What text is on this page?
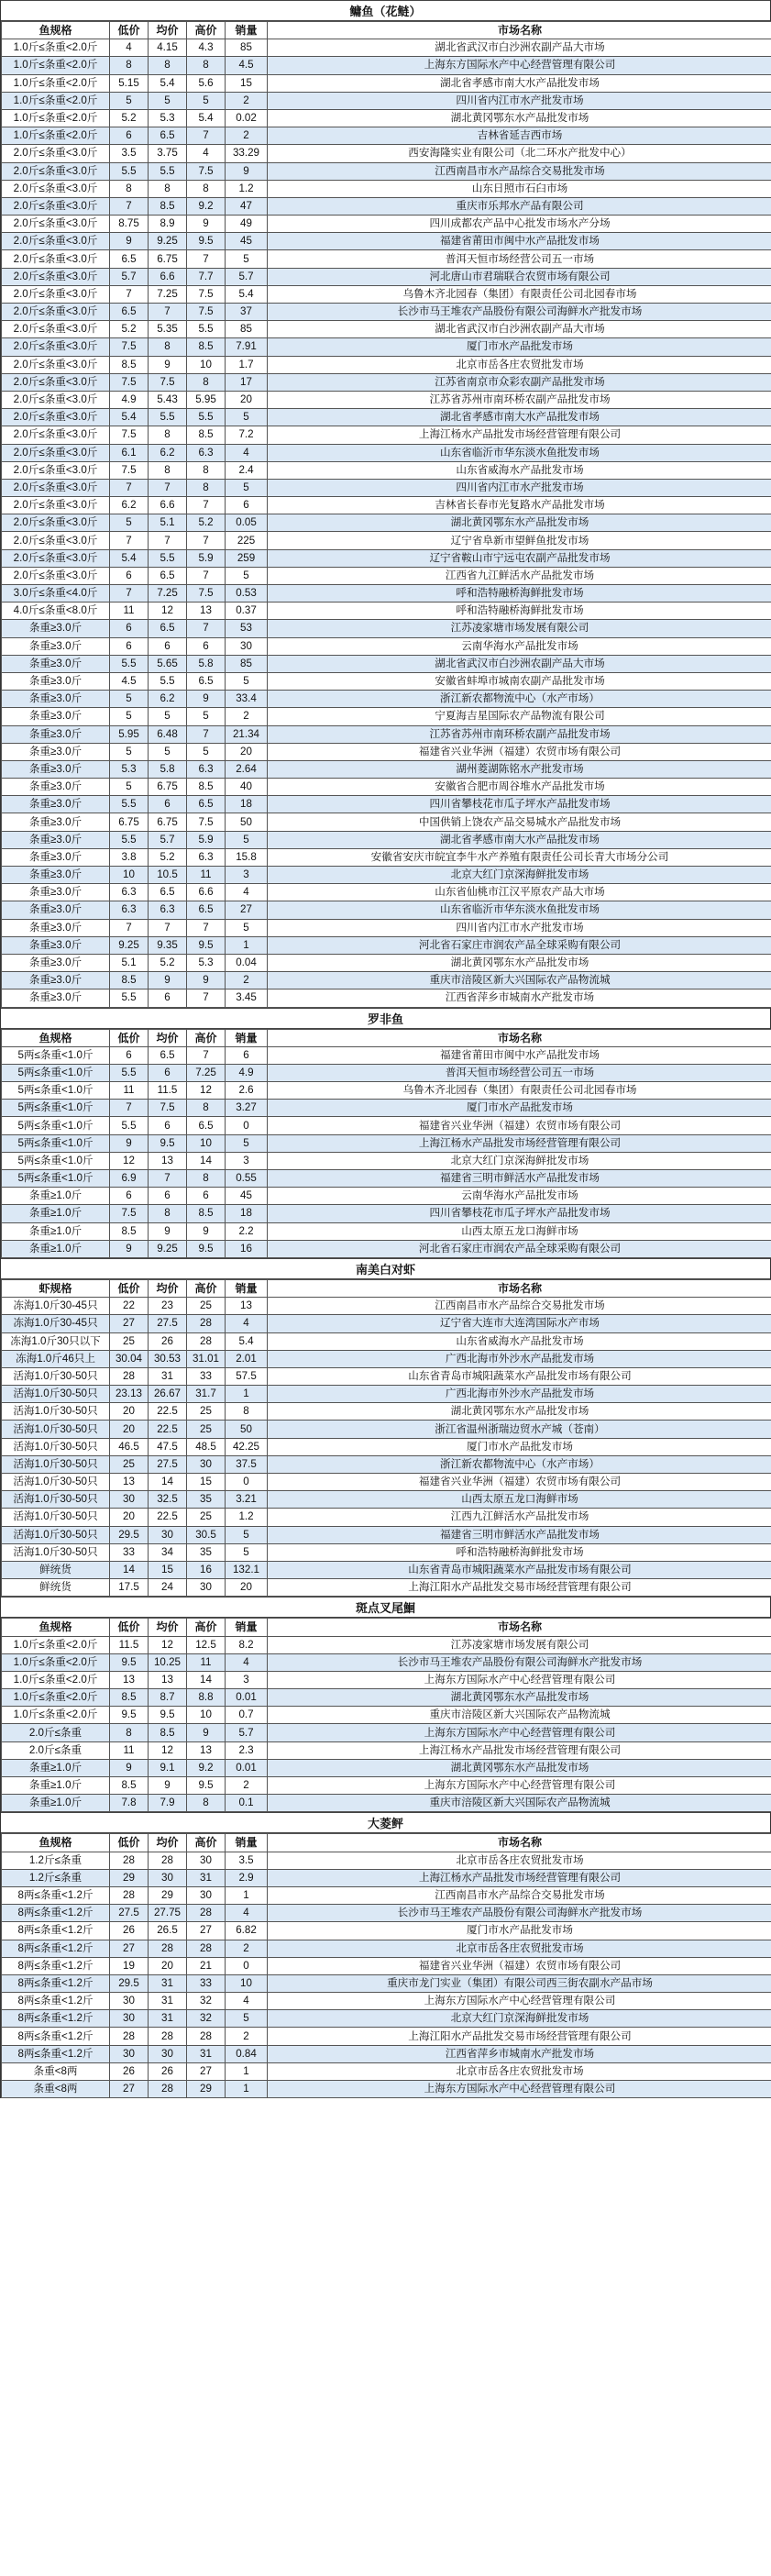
鳙鱼（花鲢）
鱼规格	低价	均价	高价	销量	市场名称
1.0斤≤条重<2.0斤	4	4.15	4.3	85	湖北省武汉市白沙洲农副产品大市场
1.0斤≤条重<2.0斤	8	8	8	4.5	上海东方国际水产中心经营管理有限公司
1.0斤≤条重<2.0斤	5.15	5.4	5.6	15	湖北省孝感市南大水产品批发市场
1.0斤≤条重<2.0斤	5	5	5	2	四川省内江市水产批发市场
1.0斤≤条重<2.0斤	5.2	5.3	5.4	0.02	湖北黄冈鄂东水产品批发市场
1.0斤≤条重<2.0斤	6	6.5	7	2	吉林省延吉西市场
2.0斤≤条重<3.0斤	3.5	3.75	4	33.29	西安海隆实业有限公司（北二环水产批发中心）
2.0斤≤条重<3.0斤	5.5	5.5	7.5	9	江西南昌市水产品综合交易批发市场
2.0斤≤条重<3.0斤	8	8	8	1.2	山东日照市石臼市场
2.0斤≤条重<3.0斤	7	8.5	9.2	47	重庆市乐邦水产品有限公司
2.0斤≤条重<3.0斤	8.75	8.9	9	49	四川成都农产品中心批发市场水产分场
2.0斤≤条重<3.0斤	9	9.25	9.5	45	福建省莆田市闽中水产品批发市场
2.0斤≤条重<3.0斤	6.5	6.75	7	5	普洱天恒市场经营公司五一市场
2.0斤≤条重<3.0斤	5.7	6.6	7.7	5.7	河北唐山市君瑞联合农贸市场有限公司
2.0斤≤条重<3.0斤	7	7.25	7.5	5.4	乌鲁木齐北园春（集团）有限责任公司北园春市场
2.0斤≤条重<3.0斤	6.5	7	7.5	37	长沙市马王堆农产品股份有限公司海鲜水产批发市场
2.0斤≤条重<3.0斤	5.2	5.35	5.5	85	湖北省武汉市白沙洲农副产品大市场
2.0斤≤条重<3.0斤	7.5	8	8.5	7.91	厦门市水产品批发市场
2.0斤≤条重<3.0斤	8.5	9	10	1.7	北京市岳各庄农贸批发市场
2.0斤≤条重<3.0斤	7.5	7.5	8	17	江苏省南京市众彩农副产品批发市场
2.0斤≤条重<3.0斤	4.9	5.43	5.95	20	江苏省苏州市南环桥农副产品批发市场
2.0斤≤条重<3.0斤	5.4	5.5	5.5	5	湖北省孝感市南大水产品批发市场
2.0斤≤条重<3.0斤	7.5	8	8.5	7.2	上海江杨水产品批发市场经营管理有限公司
2.0斤≤条重<3.0斤	6.1	6.2	6.3	4	山东省临沂市华东淡水鱼批发市场
2.0斤≤条重<3.0斤	7.5	8	8	2.4	山东省威海水产品批发市场
2.0斤≤条重<3.0斤	7	7	8	5	四川省内江市水产批发市场
2.0斤≤条重<3.0斤	6.2	6.6	7	6	吉林省长春市光复路水产品批发市场
2.0斤≤条重<3.0斤	5	5.1	5.2	0.05	湖北黄冈鄂东水产品批发市场
2.0斤≤条重<3.0斤	7	7	7	225	辽宁省阜新市望鲜鱼批发市场
2.0斤≤条重<3.0斤	5.4	5.5	5.9	259	辽宁省鞍山市宁远屯农副产品批发市场
2.0斤≤条重<3.0斤	6	6.5	7	5	江西省九江鲜活水产品批发市场
3.0斤≤条重<4.0斤	7	7.25	7.5	0.53	呼和浩特融桥海鲜批发市场
4.0斤≤条重<8.0斤	11	12	13	0.37	呼和浩特融桥海鲜批发市场
条重≥3.0斤	6	6.5	7	53	江苏凌家塘市场发展有限公司
条重≥3.0斤	6	6	6	30	云南华海水产品批发市场
条重≥3.0斤	5.5	5.65	5.8	85	湖北省武汉市白沙洲农副产品大市场
条重≥3.0斤	4.5	5.5	6.5	5	安徽省蚌埠市城南农副产品批发市场
条重≥3.0斤	5	6.2	9	33.4	浙江新农都物流中心（水产市场）
条重≥3.0斤	5	5	5	2	宁夏海吉星国际农产品物流有限公司
条重≥3.0斤	5.95	6.48	7	21.34	江苏省苏州市南环桥农副产品批发市场
条重≥3.0斤	5	5	5	20	福建省兴业华洲（福建）农贸市场有限公司
条重≥3.0斤	5.3	5.8	6.3	2.64	湖州菱湖陈铭水产批发市场
条重≥3.0斤	5	6.75	8.5	40	安徽省合肥市周谷堆水产品批发市场
条重≥3.0斤	5.5	6	6.5	18	四川省攀枝花市瓜子坪水产品批发市场
条重≥3.0斤	6.75	6.75	7.5	50	中国供销上饶农产品交易城水产品批发市场
条重≥3.0斤	5.5	5.7	5.9	5	湖北省孝感市南大水产品批发市场
条重≥3.0斤	3.8	5.2	6.3	15.8	安徽省安庆市皖宜李牛水产养殖有限责任公司长青大市场分公司
条重≥3.0斤	10	10.5	11	3	北京大红门京深海鲜批发市场
条重≥3.0斤	6.3	6.5	6.6	4	山东省仙桃市江汉平原农产品大市场
条重≥3.0斤	6.3	6.3	6.5	27	山东省临沂市华东淡水鱼批发市场
条重≥3.0斤	7	7	7	5	四川省内江市水产批发市场
条重≥3.0斤	9.25	9.35	9.5	1	河北省石家庄市润农产品全球采购有限公司
条重≥3.0斤	5.1	5.2	5.3	0.04	湖北黄冈鄂东水产品批发市场
条重≥3.0斤	8.5	9	9	2	重庆市涪陵区新大兴国际农产品物流城
条重≥3.0斤	5.5	6	7	3.45	江西省萍乡市城南水产批发市场
罗非鱼
鱼规格	低价	均价	高价	销量	市场名称
5两≤条重<1.0斤	6	6.5	7	6	福建省莆田市闽中水产品批发市场
5两≤条重<1.0斤	5.5	6	7.25	4.9	普洱天恒市场经营公司五一市场
5两≤条重<1.0斤	11	11.5	12	2.6	乌鲁木齐北园春（集团）有限责任公司北园春市场
5两≤条重<1.0斤	7	7.5	8	3.27	厦门市水产品批发市场
5两≤条重<1.0斤	5.5	6	6.5	0	福建省兴业华洲（福建）农贸市场有限公司
5两≤条重<1.0斤	9	9.5	10	5	上海江杨水产品批发市场经营管理有限公司
5两≤条重<1.0斤	12	13	14	3	北京大红门京深海鲜批发市场
5两≤条重<1.0斤	6.9	7	8	0.55	福建省三明市鲜活水产品批发市场
条重≥1.0斤	6	6	6	45	云南华海水产品批发市场
条重≥1.0斤	7.5	8	8.5	18	四川省攀枝花市瓜子坪水产品批发市场
条重≥1.0斤	8.5	9	9	2.2	山西太原五龙口海鲜市场
条重≥1.0斤	9	9.25	9.5	16	河北省石家庄市润农产品全球采购有限公司
南美白对虾
虾规格	低价	均价	高价	销量	市场名称
冻海1.0斤30-45只	22	23	25	13	江西南昌市水产品综合交易批发市场
冻海1.0斤30-45只	27	27.5	28	4	辽宁省大连市大连湾国际水产市场
冻海1.0斤30只以下	25	26	28	5.4	山东省威海水产品批发市场
冻海1.0斤46只上	30.04	30.53	31.01	2.01	广西北海市外沙水产品批发市场
活海1.0斤30-50只	28	31	33	57.5	山东省青岛市城阳蔬菜水产品批发市场有限公司
活海1.0斤30-50只	23.13	26.67	31.7	1	广西北海市外沙水产品批发市场
活海1.0斤30-50只	20	22.5	25	8	湖北黄冈鄂东水产品批发市场
活海1.0斤30-50只	20	22.5	25	50	浙江省温州浙瑞边贸水产城（苍南）
活海1.0斤30-50只	46.5	47.5	48.5	42.25	厦门市水产品批发市场
活海1.0斤30-50只	25	27.5	30	37.5	浙江新农都物流中心（水产市场）
活海1.0斤30-50只	13	14	15	0	福建省兴业华洲（福建）农贸市场有限公司
活海1.0斤30-50只	30	32.5	35	3.21	山西太原五龙口海鲜市场
活海1.0斤30-50只	20	22.5	25	1.2	江西九江鲜活水产品批发市场
活海1.0斤30-50只	29.5	30	30.5	5	福建省三明市鲜活水产品批发市场
活海1.0斤30-50只	33	34	35	5	呼和浩特融桥海鲜批发市场
鲜统货	14	15	16	132.1	山东省青岛市城阳蔬菜水产品批发市场有限公司
鲜统货	17.5	24	30	20	上海江阳水产品批发交易市场经营管理有限公司
斑点叉尾鮰
鱼规格	低价	均价	高价	销量	市场名称
1.0斤≤条重<2.0斤	11.5	12	12.5	8.2	江苏凌家塘市场发展有限公司
1.0斤≤条重<2.0斤	9.5	10.25	11	4	长沙市马王堆农产品股份有限公司海鲜水产批发市场
1.0斤≤条重<2.0斤	13	13	14	3	上海东方国际水产中心经营管理有限公司
1.0斤≤条重<2.0斤	8.5	8.7	8.8	0.01	湖北黄冈鄂东水产品批发市场
1.0斤≤条重<2.0斤	9.5	9.5	10	0.7	重庆市涪陵区新大兴国际农产品物流城
2.0斤≤条重	8	8.5	9	5.7	上海东方国际水产中心经营管理有限公司
2.0斤≤条重	11	12	13	2.3	上海江杨水产品批发市场经营管理有限公司
条重≥1.0斤	9	9.1	9.2	0.01	湖北黄冈鄂东水产品批发市场
条重≥1.0斤	8.5	9	9.5	2	上海东方国际水产中心经营管理有限公司
条重≥1.0斤	7.8	7.9	8	0.1	重庆市涪陵区新大兴国际农产品物流城
大菱鲆
鱼规格	低价	均价	高价	销量	市场名称
1.2斤≤条重	28	28	30	3.5	北京市岳各庄农贸批发市场
1.2斤≤条重	29	30	31	2.9	上海江杨水产品批发市场经营管理有限公司
8两≤条重<1.2斤	28	29	30	1	江西南昌市水产品综合交易批发市场
8两≤条重<1.2斤	27.5	27.75	28	4	长沙市马王堆农产品股份有限公司海鲜水产批发市场
8两≤条重<1.2斤	26	26.5	27	6.82	厦门市水产品批发市场
8两≤条重<1.2斤	27	28	28	2	北京市岳各庄农贸批发市场
8两≤条重<1.2斤	19	20	21	0	福建省兴业华洲（福建）农贸市场有限公司
8两≤条重<1.2斤	29.5	31	33	10	重庆市龙门实业（集团）有限公司西三街农副水产品市场
8两≤条重<1.2斤	30	31	32	4	上海东方国际水产中心经营管理有限公司
8两≤条重<1.2斤	30	31	32	5	北京大红门京深海鲜批发市场
8两≤条重<1.2斤	28	28	28	2	上海江阳水产品批发交易市场经营管理有限公司
8两≤条重<1.2斤	30	30	31	0.84	江西省萍乡市城南水产批发市场
条重<8两	26	26	27	1	北京市岳各庄农贸批发市场
条重<8两	27	28	29	1	上海东方国际水产中心经营管理有限公司
